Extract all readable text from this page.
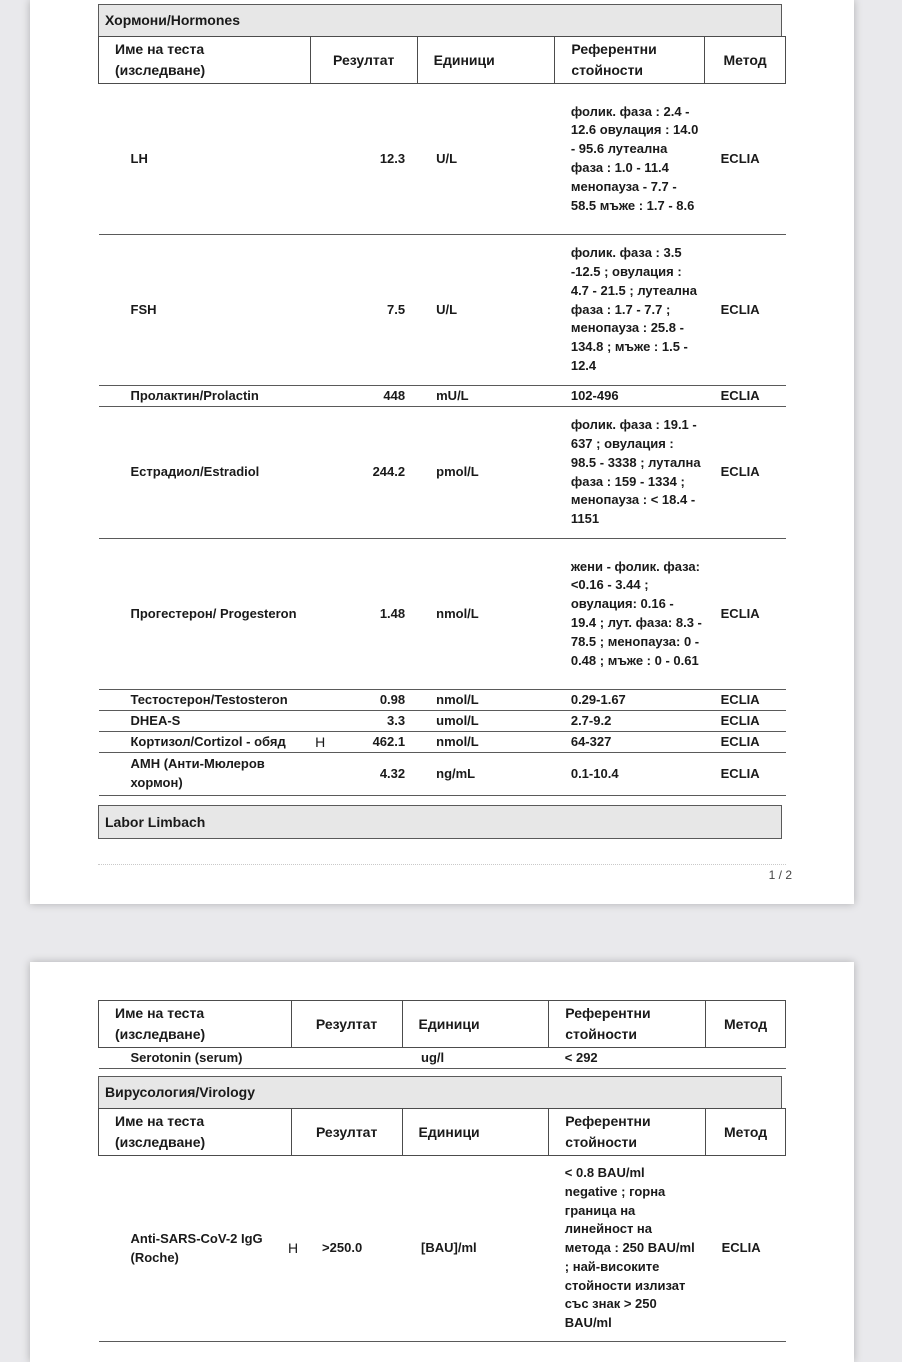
Хормони/Hormones
Име на теста (изследване)	Резултат	Единици	Референтни стойности	Метод

LH 12.3		U/L	фолик. фаза : 2.4 - 12.6 овулация : 14.0 - 95.6 лутеална фаза : 1.0 - 11.4 менопауза - 7.7 - 58.5 мъже : 1.7 - 8.6	ECLIA

FSH 7.5		U/L	фолик. фаза : 3.5 -12.5 ; овулация : 4.7 - 21.5 ; лутеална фаза : 1.7 - 7.7 ; менопауза : 25.8 - 134.8 ; мъже : 1.5 - 12.4	ECLIA

Пролактин/Prolactin 448		mU/L	102-496	ECLIA

Естрадиол/Estradiol 244.2		pmol/L	фолик. фаза : 19.1 - 637 ; овулация : 98.5 - 3338 ; лутална фаза : 159 - 1334 ; менопауза : < 18.4 - 1151	ECLIA

Прогестерон/ Progesteron 1.48		nmol/L	жени - фолик. фаза: <0.16 - 3.44 ; овулация: 0.16 - 19.4 ; лут. фаза: 8.3 - 78.5 ; менопауза: 0 - 0.48 ; мъже : 0 - 0.61	ECLIA

Тестостерон/Testosteron 0.98		nmol/L	0.29-1.67	ECLIA

DHEA-S 3.3		umol/L	2.7-9.2	ECLIA

Кортизол/Cortizol - обяд H 462.1		nmol/L	64-327	ECLIA

АМН (Анти-Мюлеров хормон)
4.32		ng/mL	0.1-10.4	ECLIA
Labor Limbach
1 / 2
Име на теста (изследване)	Резултат	Единици	Референтни стойности	Метод
Serotonin (serum)		ug/l	< 292	
Вирусология/Virology
Име на теста (изследване)	Резултат	Единици	Референтни стойности	Метод

Anti-SARS-CoV-2 IgG (Roche)
H >250.0		[BAU]/ml	< 0.8 BAU/ml negative ; горна граница на линейност на метода : 250 BAU/ml ; най-високите стойности излизат със знак > 250 BAU/ml	ECLIA
